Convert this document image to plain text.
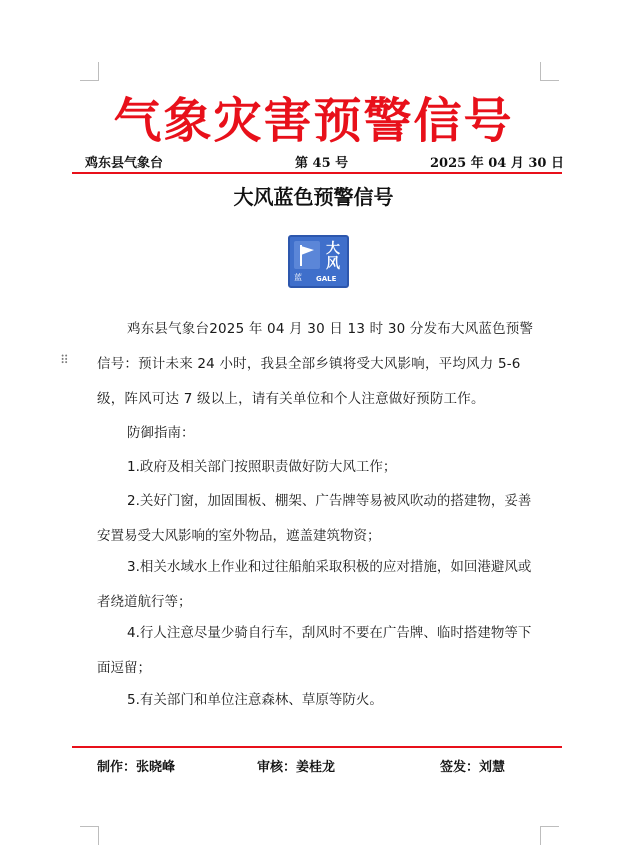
气象灾害预警信号
鸡东县气象台	第 45 号	2025 年 04 月 30 日
大风蓝色预警信号
大
风
蓝 GALE
⠿
鸡东县气象台2025 年 04 月 30 日 13 时 30 分发布大风蓝色预警信号：预计未来 24 小时，我县全部乡镇将受大风影响，平均风力 5-6 级，阵风可达 7 级以上，请有关单位和个人注意做好预防工作。
防御指南：
1.政府及相关部门按照职责做好防大风工作；
2.关好门窗，加固围板、棚架、广告牌等易被风吹动的搭建物，妥善安置易受大风影响的室外物品，遮盖建筑物资；
3.相关水域水上作业和过往船舶采取积极的应对措施，如回港避风或者绕道航行等；
4.行人注意尽量少骑自行车，刮风时不要在广告牌、临时搭建物等下面逗留；
5.有关部门和单位注意森林、草原等防火。
制作：张晓峰	审核：姜桂龙	签发：刘慧
